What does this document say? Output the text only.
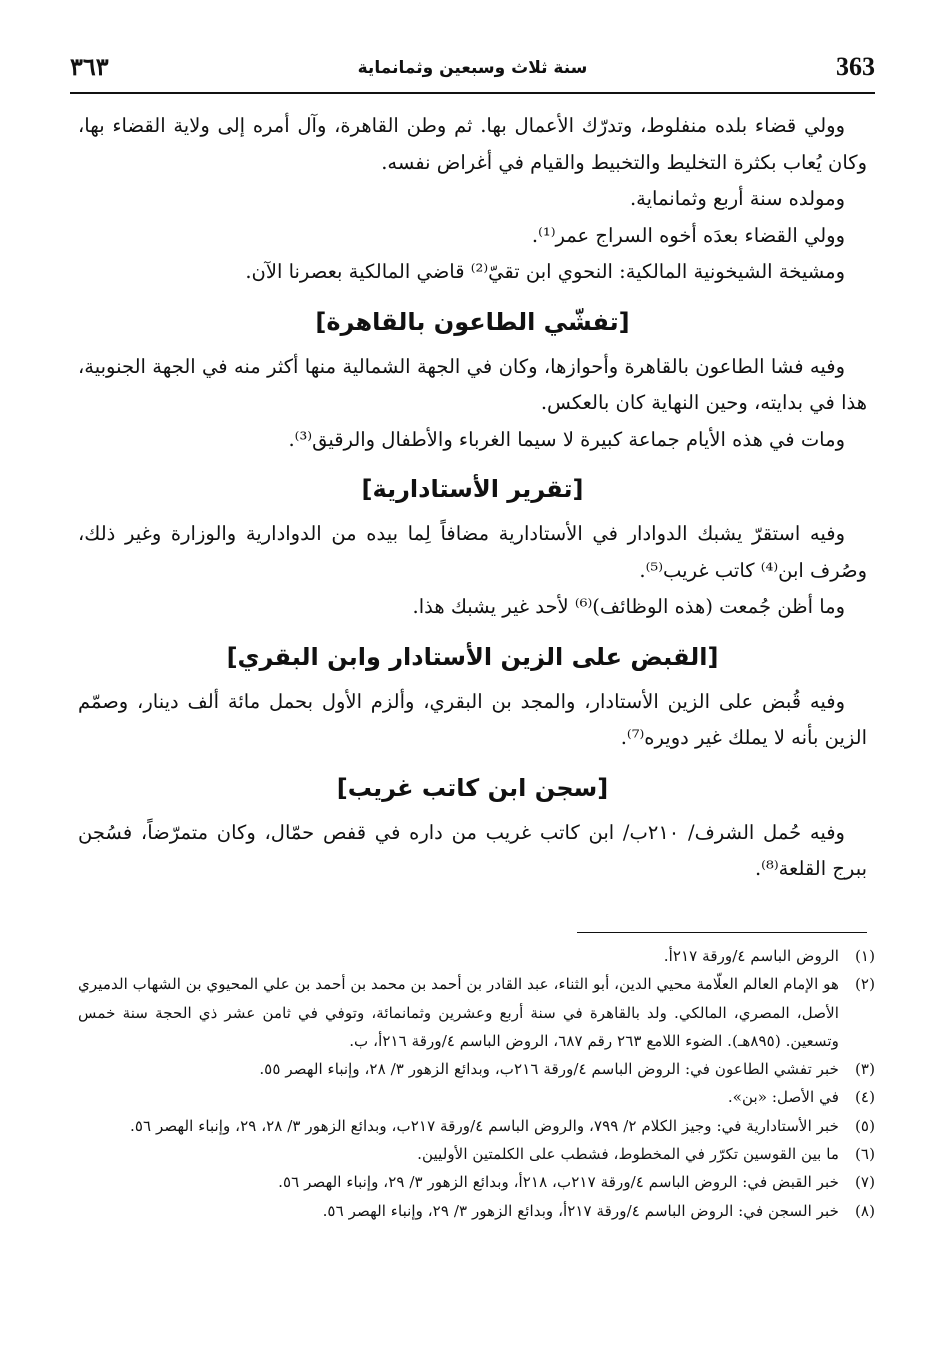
٣٦٣	سنة ثلاث وسبعين وثمانماية	363

وولي قضاء بلده منفلوط، وتدرّك الأعمال بها. ثم وطن القاهرة، وآل أمره إلى ولاية القضاء بها، وكان يُعاب بكثرة التخليط والتخبيط والقيام في أغراض نفسه.

ومولده سنة أربع وثمانماية.

وولي القضاء بعدَه أخوه السراج عمر⁽¹⁾.

ومشيخة الشيخونية المالكية: النحوي ابن تقيّ⁽²⁾ قاضي المالكية بعصرنا الآن.

[تفشّي الطاعون بالقاهرة]

وفيه فشا الطاعون بالقاهرة وأحوازها، وكان في الجهة الشمالية منها أكثر منه في الجهة الجنوبية، هذا في بدايته، وحين النهاية كان بالعكس.

ومات في هذه الأيام جماعة كبيرة لا سيما الغرباء والأطفال والرقيق⁽³⁾.

[تقرير الأستادارية]

وفيه استقرّ يشبك الدوادار في الأستادارية مضافاً لِما بيده من الدوادارية والوزارة وغير ذلك، وصُرف ابن⁽⁴⁾ كاتب غريب⁽⁵⁾.

وما أظن جُمعت (هذه الوظائف)⁽⁶⁾ لأحد غير يشبك هذا.

[القبض على الزين الأستادار وابن البقري]

وفيه قُبض على الزين الأستادار، والمجد بن البقري، وألزم الأول بحمل مائة ألف دينار، وصمّم الزين بأنه لا يملك غير دويره⁽⁷⁾.

[سجن ابن كاتب غريب]

وفيه حُمل الشرف/ ٢١٠ب/ ابن كاتب غريب من داره في قفص حمّال، وكان متمرّضاً، فسُجن ببرج القلعة⁽⁸⁾.

(١)
الروض الباسم ٤/ورقة ٢١٧أ.
(٢)
هو الإمام العالم العلّامة محيي الدين، أبو الثناء، عبد القادر بن أحمد بن محمد بن أحمد بن علي المحيوي بن الشهاب الدميري الأصل، المصري، المالكي. ولد بالقاهرة في سنة أربع وعشرين وثمانمائة، وتوفي في ثامن عشر ذي الحجة سنة خمس وتسعين. (٨٩٥هـ). الضوء اللامع ٢٦٣ رقم ٦٨٧، الروض الباسم ٤/ورقة ٢١٦أ، ب.
(٣)
خبر تفشي الطاعون في: الروض الباسم ٤/ورقة ٢١٦ب، وبدائع الزهور ٣/ ٢٨، وإنباء الهصر ٥٥.
(٤)
في الأصل: «بن».
(٥)
خبر الأستادارية في: وجيز الكلام ٢/ ٧٩٩، والروض الباسم ٤/ورقة ٢١٧ب، وبدائع الزهور ٣/ ٢٨، ٢٩، وإنباء الهصر ٥٦.
(٦)
ما بين القوسين تكرّر في المخطوط، فشطب على الكلمتين الأوليين.
(٧)
خبر القبض في: الروض الباسم ٤/ورقة ٢١٧ب، ٢١٨أ، وبدائع الزهور ٣/ ٢٩، وإنباء الهصر ٥٦.
(٨)
خبر السجن في: الروض الباسم ٤/ورقة ٢١٧أ، وبدائع الزهور ٣/ ٢٩، وإنباء الهصر ٥٦.
